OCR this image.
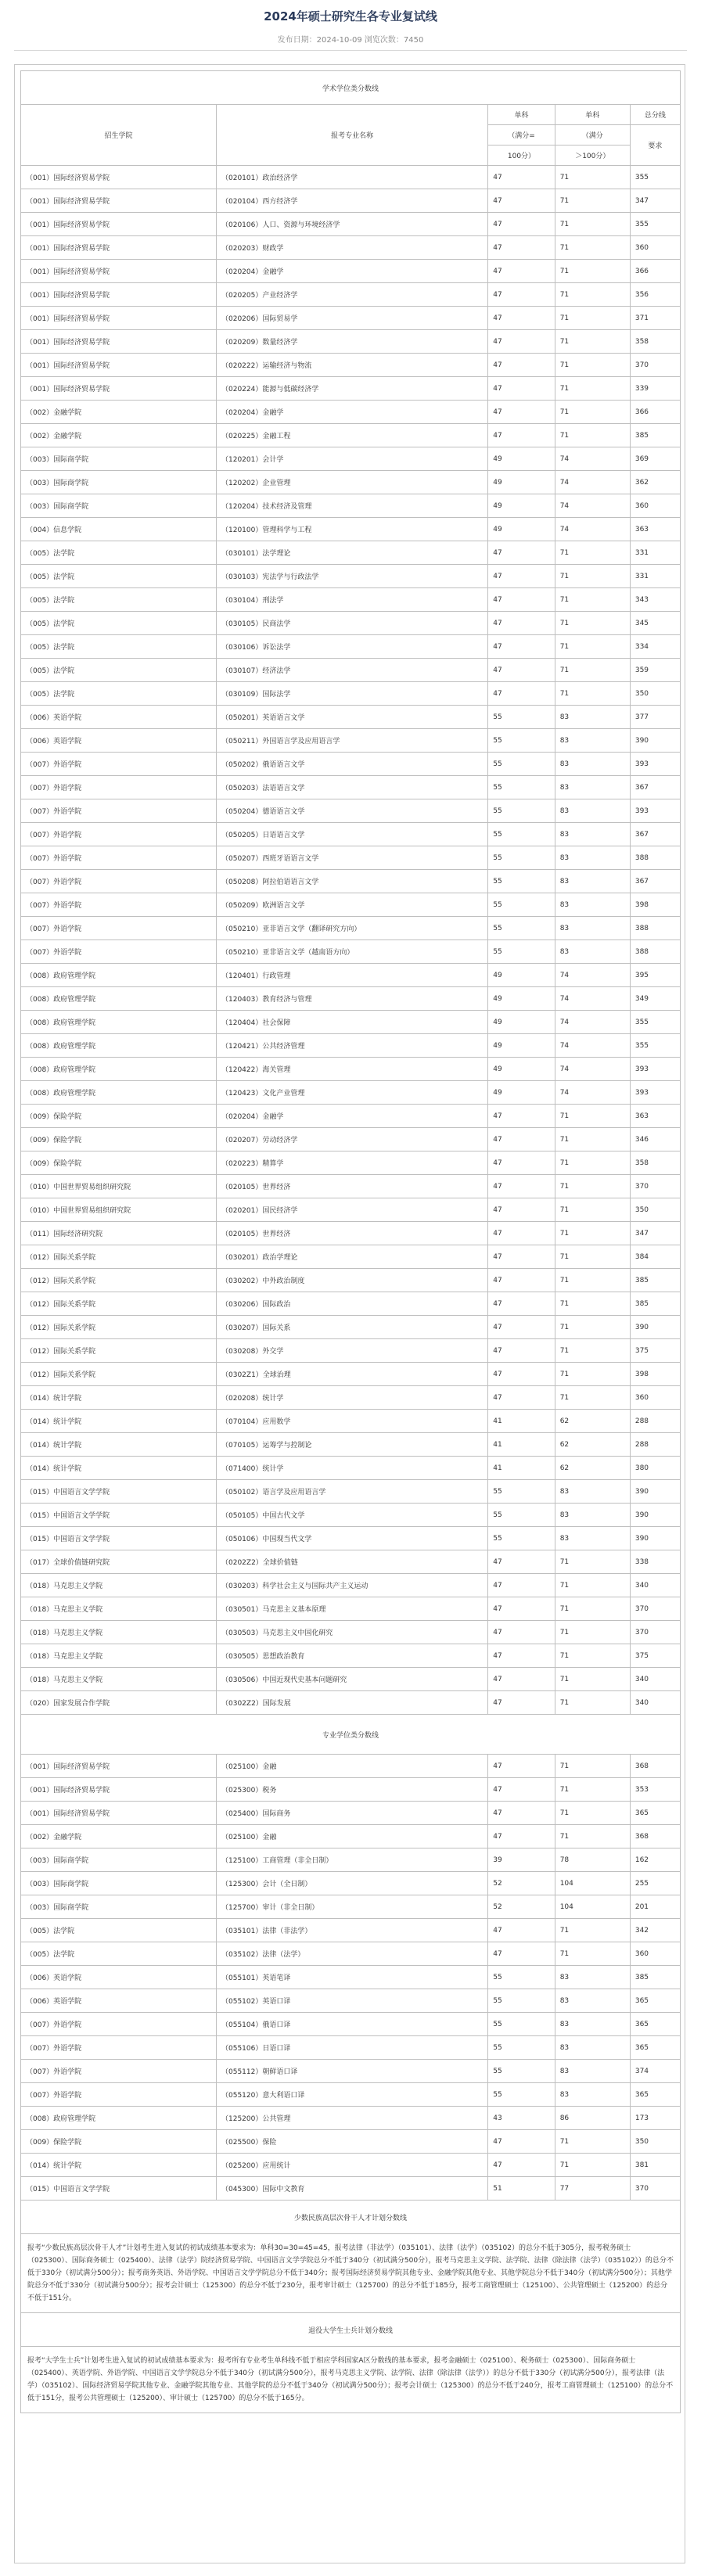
2024年硕士研究生各专业复试线
发布日期：2024-10-09 浏览次数：7450
学术学位类分数线				
招生学院	报考专业名称	单科	单科	总分线
		（满分=	（满分	要求
		100分）	＞100分）	
（001）国际经济贸易学院	（020101）政治经济学	47	71	355
（001）国际经济贸易学院	（020104）西方经济学	47	71	347
（001）国际经济贸易学院	（020106）人口、资源与环境经济学	47	71	355
（001）国际经济贸易学院	（020203）财政学	47	71	360
（001）国际经济贸易学院	（020204）金融学	47	71	366
（001）国际经济贸易学院	（020205）产业经济学	47	71	356
（001）国际经济贸易学院	（020206）国际贸易学	47	71	371
（001）国际经济贸易学院	（020209）数量经济学	47	71	358
（001）国际经济贸易学院	（020222）运输经济与物流	47	71	370
（001）国际经济贸易学院	（020224）能源与低碳经济学	47	71	339
（002）金融学院	（020204）金融学	47	71	366
（002）金融学院	（020225）金融工程	47	71	385
（003）国际商学院	（120201）会计学	49	74	369
（003）国际商学院	（120202）企业管理	49	74	362
（003）国际商学院	（120204）技术经济及管理	49	74	360
（004）信息学院	（120100）管理科学与工程	49	74	363
（005）法学院	（030101）法学理论	47	71	331
（005）法学院	（030103）宪法学与行政法学	47	71	331
（005）法学院	（030104）刑法学	47	71	343
（005）法学院	（030105）民商法学	47	71	345
（005）法学院	（030106）诉讼法学	47	71	334
（005）法学院	（030107）经济法学	47	71	359
（005）法学院	（030109）国际法学	47	71	350
（006）英语学院	（050201）英语语言文学	55	83	377
（006）英语学院	（050211）外国语言学及应用语言学	55	83	390
（007）外语学院	（050202）俄语语言文学	55	83	393
（007）外语学院	（050203）法语语言文学	55	83	367
（007）外语学院	（050204）德语语言文学	55	83	393
（007）外语学院	（050205）日语语言文学	55	83	367
（007）外语学院	（050207）西班牙语语言文学	55	83	388
（007）外语学院	（050208）阿拉伯语语言文学	55	83	367
（007）外语学院	（050209）欧洲语言文学	55	83	398
（007）外语学院	（050210）亚非语言文学（翻译研究方向）	55	83	388
（007）外语学院	（050210）亚非语言文学（越南语方向）	55	83	388
（008）政府管理学院	（120401）行政管理	49	74	395
（008）政府管理学院	（120403）教育经济与管理	49	74	349
（008）政府管理学院	（120404）社会保障	49	74	355
（008）政府管理学院	（120421）公共经济管理	49	74	355
（008）政府管理学院	（120422）海关管理	49	74	393
（008）政府管理学院	（120423）文化产业管理	49	74	393
（009）保险学院	（020204）金融学	47	71	363
（009）保险学院	（020207）劳动经济学	47	71	346
（009）保险学院	（020223）精算学	47	71	358
（010）中国世界贸易组织研究院	（020105）世界经济	47	71	370
（010）中国世界贸易组织研究院	（020201）国民经济学	47	71	350
（011）国际经济研究院	（020105）世界经济	47	71	347
（012）国际关系学院	（030201）政治学理论	47	71	384
（012）国际关系学院	（030202）中外政治制度	47	71	385
（012）国际关系学院	（030206）国际政治	47	71	385
（012）国际关系学院	（030207）国际关系	47	71	390
（012）国际关系学院	（030208）外交学	47	71	375
（012）国际关系学院	（0302Z1）全球治理	47	71	398
（014）统计学院	（020208）统计学	47	71	360
（014）统计学院	（070104）应用数学	41	62	288
（014）统计学院	（070105）运筹学与控制论	41	62	288
（014）统计学院	（071400）统计学	41	62	380
（015）中国语言文学学院	（050102）语言学及应用语言学	55	83	390
（015）中国语言文学学院	（050105）中国古代文学	55	83	390
（015）中国语言文学学院	（050106）中国现当代文学	55	83	390
（017）全球价值链研究院	（0202Z2）全球价值链	47	71	338
（018）马克思主义学院	（030203）科学社会主义与国际共产主义运动	47	71	340
（018）马克思主义学院	（030501）马克思主义基本原理	47	71	370
（018）马克思主义学院	（030503）马克思主义中国化研究	47	71	370
（018）马克思主义学院	（030505）思想政治教育	47	71	375
（018）马克思主义学院	（030506）中国近现代史基本问题研究	47	71	340
（020）国家发展合作学院	（0302Z2）国际发展	47	71	340
专业学位类分数线				
（001）国际经济贸易学院	（025100）金融	47	71	368
（001）国际经济贸易学院	（025300）税务	47	71	353
（001）国际经济贸易学院	（025400）国际商务	47	71	365
（002）金融学院	（025100）金融	47	71	368
（003）国际商学院	（125100）工商管理（非全日制）	39	78	162
（003）国际商学院	（125300）会计（全日制）	52	104	255
（003）国际商学院	（125700）审计（非全日制）	52	104	201
（005）法学院	（035101）法律（非法学）	47	71	342
（005）法学院	（035102）法律（法学）	47	71	360
（006）英语学院	（055101）英语笔译	55	83	385
（006）英语学院	（055102）英语口译	55	83	365
（007）外语学院	（055104）俄语口译	55	83	365
（007）外语学院	（055106）日语口译	55	83	365
（007）外语学院	（055112）朝鲜语口译	55	83	374
（007）外语学院	（055120）意大利语口译	55	83	365
（008）政府管理学院	（125200）公共管理	43	86	173
（009）保险学院	（025500）保险	47	71	350
（014）统计学院	（025200）应用统计	47	71	381
（015）中国语言文学学院	（045300）国际中文教育	51	77	370
少数民族高层次骨干人才计划分数线				
报考“少数民族高层次骨干人才”计划考生进入复试的初试成绩基本要求为：单科30=30=45=45，报考法律（非法学）（035101）、法律（法学）（035102）的总分不低于305分，报考税务硕士（025300）、国际商务硕士（025400）、法律（法学）院经济贸易学院、中国语言文学学院总分不低于340分（初试满分500分），报考马克思主义学院、法学院、法律（除法律（法学）（035102））的总分不低于330分（初试满分500分）；报考商务英语、外语学院、中国语言文学学院总分不低于340分；报考国际经济贸易学院其他专业、金融学院其他专业、其他学院总分不低于340分（初试满分500分）；其他学院总分不低于330分（初试满分500分）；报考会计硕士（125300）的总分不低于230分，报考审计硕士（125700）的总分不低于185分，报考工商管理硕士（125100）、公共管理硕士（125200）的总分不低于151分。				
退役大学生士兵计划分数线				
报考“大学生士兵”计划考生进入复试的初试成绩基本要求为：报考所有专业考生单科线不低于相应学科国家A区分数线的基本要求，报考金融硕士（025100）、税务硕士（025300）、国际商务硕士（025400）、英语学院、外语学院、中国语言文学学院总分不低于340分（初试满分500分），报考马克思主义学院、法学院、法律（除法律（法学））的总分不低于330分（初试满分500分），报考法律（法学）（035102）、国际经济贸易学院其他专业、金融学院其他专业、其他学院的总分不低于340分（初试满分500分）；报考会计硕士（125300）的总分不低于240分，报考工商管理硕士（125100）的总分不低于151分，报考公共管理硕士（125200）、审计硕士（125700）的总分不低于165分。				
